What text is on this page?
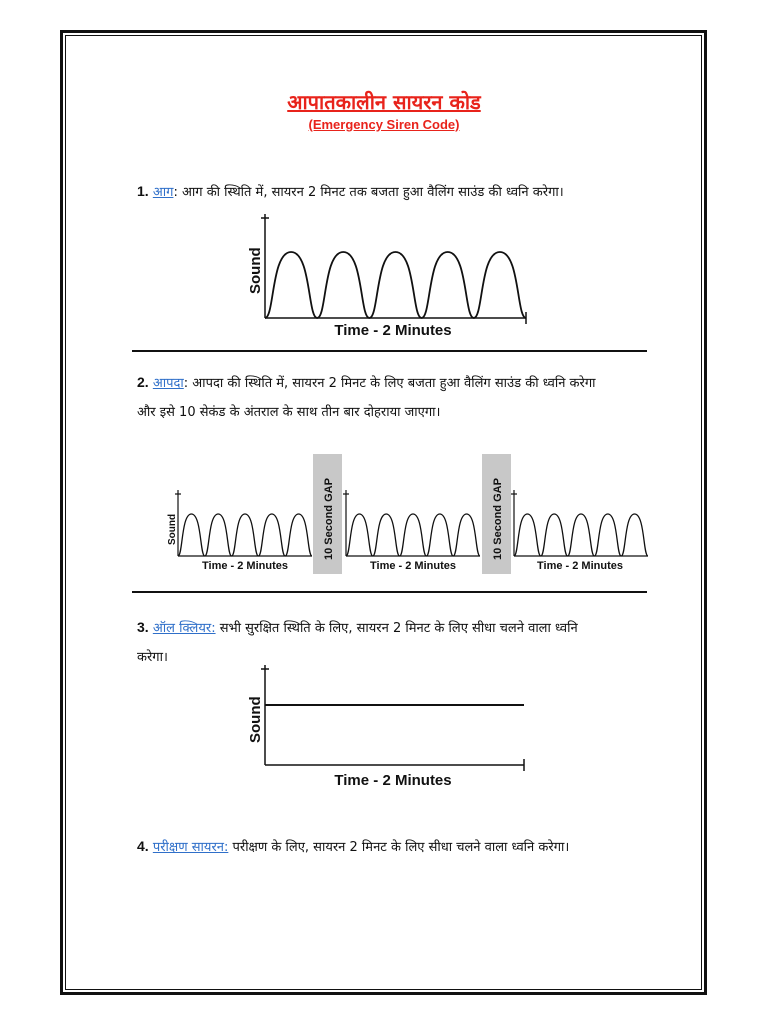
आपातकालीन सायरन कोड
(Emergency Siren Code)
1. आग: आग की स्थिति में, सायरन 2 मिनट तक बजता हुआ वैलिंग साउंड की ध्वनि करेगा।
Sound
Time - 2 Minutes
2. आपदा: आपदा की स्थिति में, सायरन 2 मिनट के लिए बजता हुआ वैलिंग साउंड की ध्वनि करेगा
और इसे 10 सेकंड के अंतराल के साथ तीन बार दोहराया जाएगा।
Sound
Time - 2 Minutes
10 Second GAP
Time - 2 Minutes
10 Second GAP
Time - 2 Minutes
3. ऑल क्लियर: सभी सुरक्षित स्थिति के लिए, सायरन 2 मिनट के लिए सीधा चलने वाला ध्वनि
करेगा।
Sound
Time - 2 Minutes
4. परीक्षण सायरन: परीक्षण के लिए, सायरन 2 मिनट के लिए सीधा चलने वाला ध्वनि करेगा।
